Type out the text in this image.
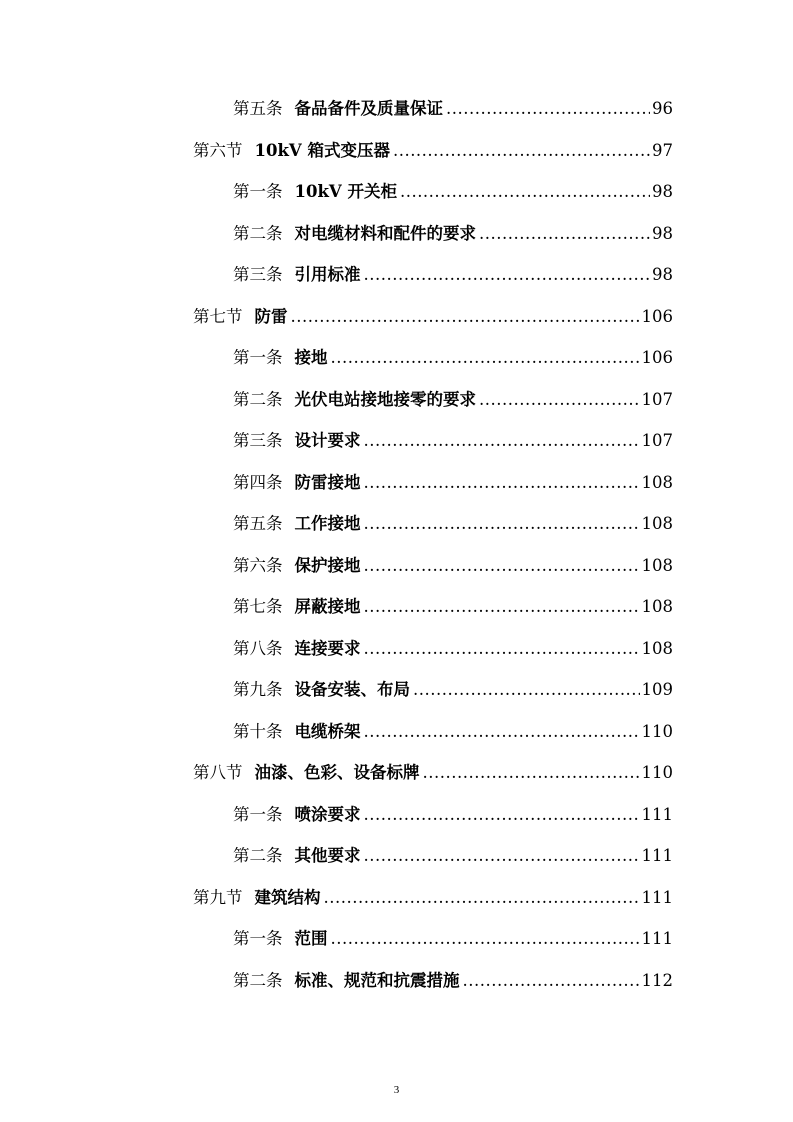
第五条 备品备件及质量保证 .....	96
第六节 10kV 箱式变压器 .....	97
第一条 10kV 开关柜 .....	98
第二条 对电缆材料和配件的要求 .....	98
第三条 引用标准 .....	98
第七节 防雷 .....	106
第一条 接地 .....	106
第二条 光伏电站接地接零的要求 .....	107
第三条 设计要求 .....	107
第四条 防雷接地 .....	108
第五条 工作接地 .....	108
第六条 保护接地 .....	108
第七条 屏蔽接地 .....	108
第八条 连接要求 .....	108
第九条 设备安装、布局 .....	109
第十条 电缆桥架 .....	110
第八节 油漆、色彩、设备标牌 .....	110
第一条 喷涂要求 .....	111
第二条 其他要求 .....	111
第九节 建筑结构 .....	111
第一条 范围 .....	111
第二条 标准、规范和抗震措施 .....	112
3
